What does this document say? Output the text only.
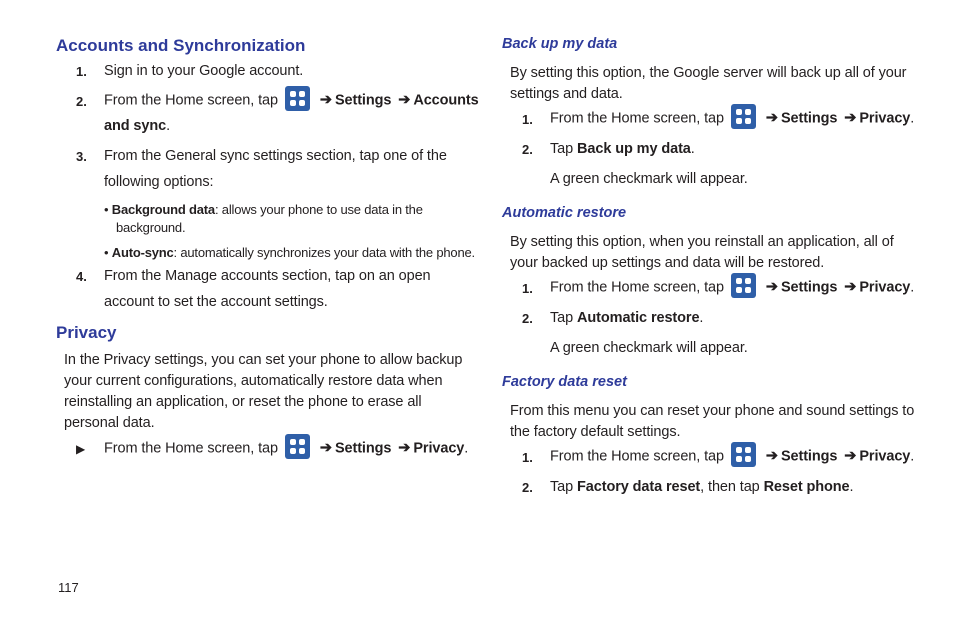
Accounts and Synchronization
1. Sign in to your Google account.
2. From the Home screen, tap	➔ Settings ➔ Accounts
and sync.
3. From the General sync settings section, tap one of the
following options:
• Background data: allows your phone to use data in the
background.
• Auto-sync: automatically synchronizes your data with the phone.
4. From the Manage accounts section, tap on an open
account to set the account settings.
Privacy
In the Privacy settings, you can set your phone to allow backup
your current configurations, automatically restore data when
reinstalling an application, or reset the phone to erase all
personal data.
▶ From the Home screen, tap	➔ Settings ➔ Privacy.
Back up my data
By setting this option, the Google server will back up all of your
settings and data.
1. From the Home screen, tap	➔ Settings ➔ Privacy.
2. Tap Back up my data.
A green checkmark will appear.
Automatic restore
By setting this option, when you reinstall an application, all of
your backed up settings and data will be restored.
1. From the Home screen, tap	➔ Settings ➔ Privacy.
2. Tap Automatic restore.
A green checkmark will appear.
Factory data reset
From this menu you can reset your phone and sound settings to
the factory default settings.
1. From the Home screen, tap	➔ Settings ➔ Privacy.
2. Tap Factory data reset, then tap Reset phone.
117
